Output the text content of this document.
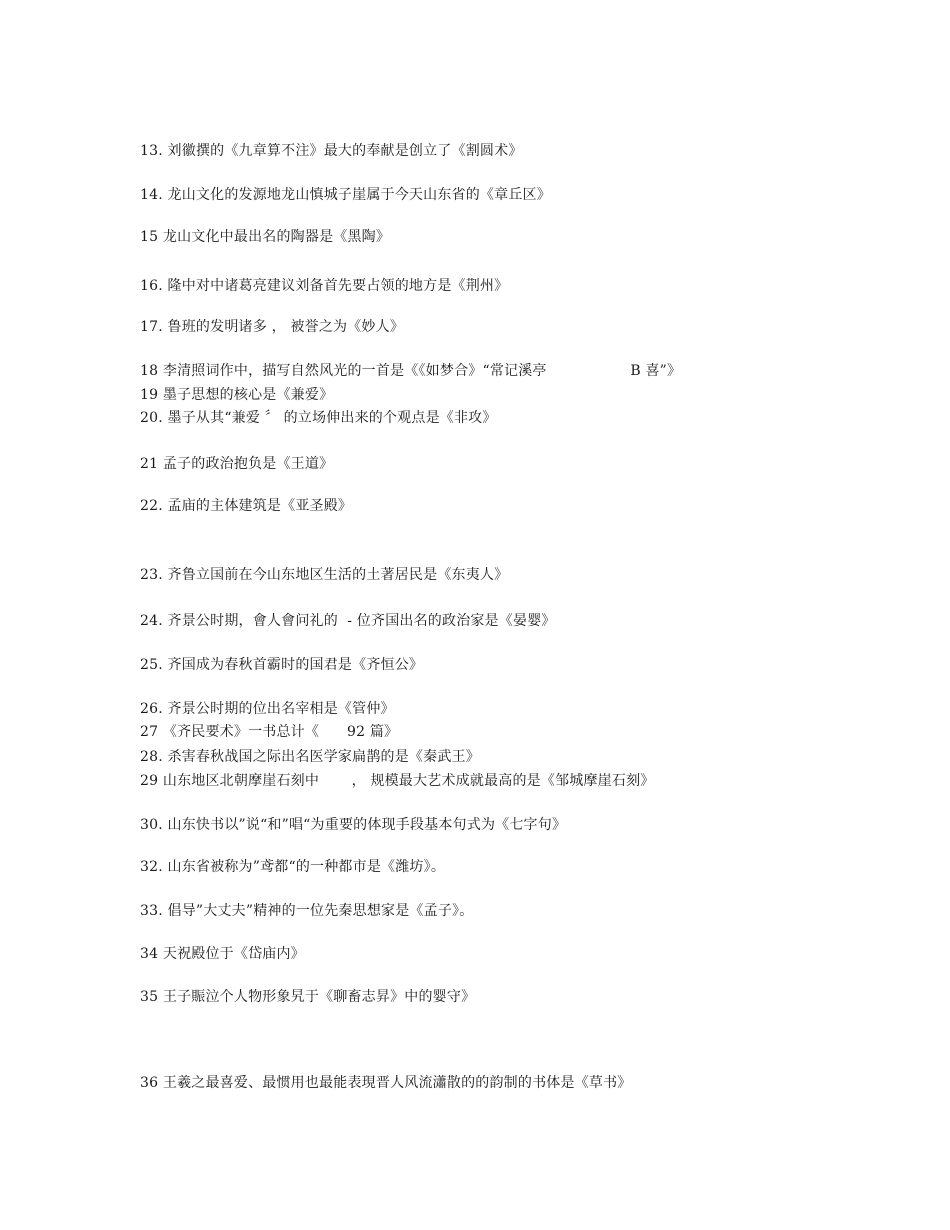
13. 刘徽撰的《九章算不注》最大的奉献是创立了《割圆术》
14. 龙山文化的发源地龙山慎城子崖属于今天山东省的《章丘区》
15 龙山文化中最出名的陶器是《黑陶》
16. 隆中对中诸葛亮建议刘备首先要占领的地方是《荆州》
17. 鲁班的发明诸多 ， 被誉之为《妙人》
18 李清照词作中，描写自然风光的一首是《《如梦合》“常记溪亭                  B 喜”》
19 墨子思想的核心是《兼爱》
20. 墨子从其“兼爱 〞 的立场伸出来的个观点是《非攻》
21 孟子的政治抱负是《王道》
22. 孟庙的主体建筑是《亚圣殿》
23. 齐鲁立国前在今山东地区生活的土著居民是《东夷人》
24. 齐景公时期，會人會问礼的  - 位齐国出名的政治家是《晏婴》
25. 齐国成为春秋首霸时的国君是《齐恒公》
26. 齐景公时期的位出名宰相是《管仲》
27 《齐民要术》一书总计《      92 篇》
28. 杀害春秋战国之际出名医学家扁鹊的是《秦武王》
29 山东地区北朝摩崖石刻中       ， 规模最大艺术成就最高的是《邹城摩崖石刻》
30. 山东快书以”说“和”唱“为重要的体现手段基本句式为《七字句》
32. 山东省被称为”鸢都“的一种都市是《潍坊》。
33. 倡导”大丈夫”精神的一位先秦思想家是《孟子》。
34 天祝殿位于《岱庙内》
35 王子賑泣个人物形象旯于《聊畜志昇》中的婴守》
36 王羲之最喜爱、最惯用也最能表現晋人风流瀟散的的韵制的书体是《草书》
